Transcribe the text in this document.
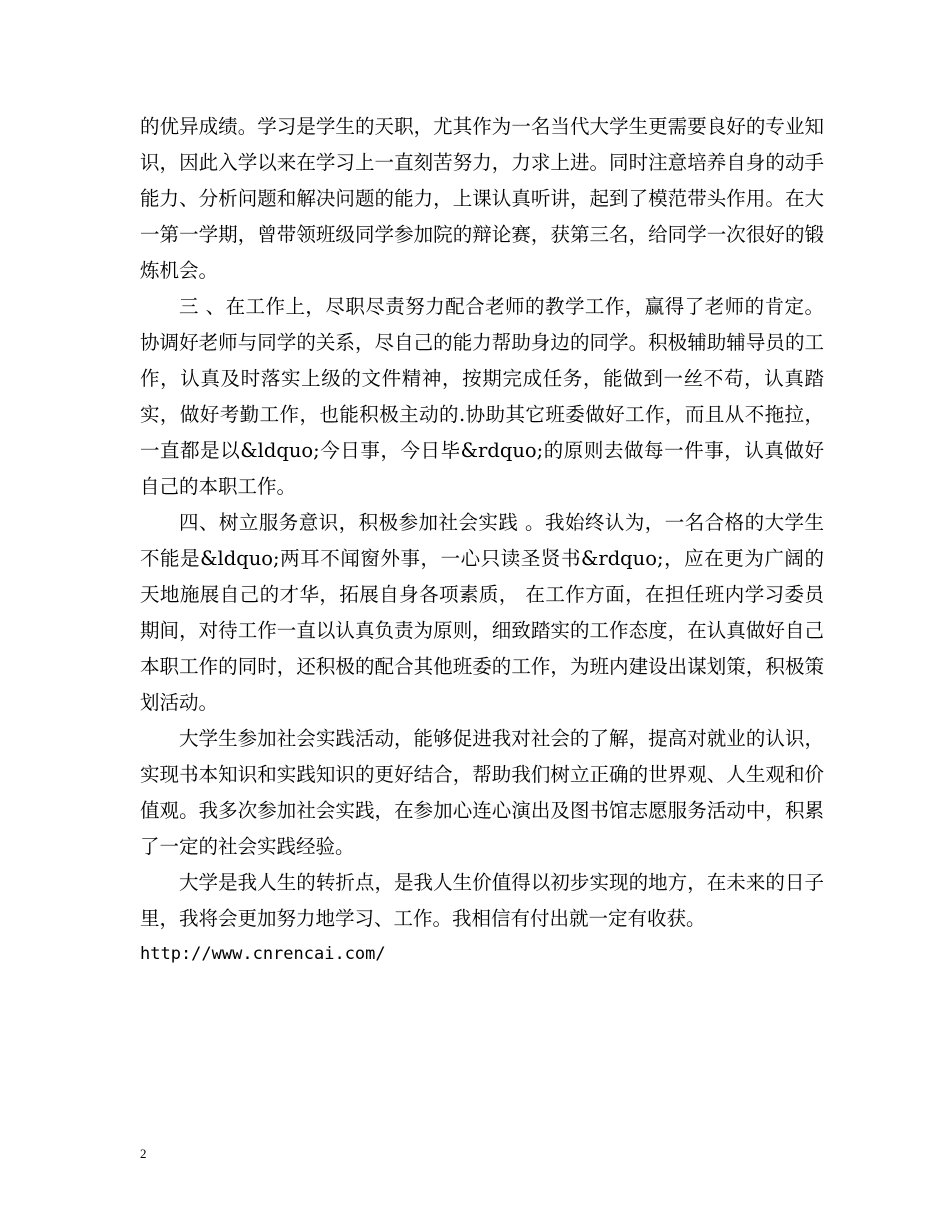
的优异成绩。学习是学生的天职，尤其作为一名当代大学生更需要良好的专业知识，因此入学以来在学习上一直刻苦努力，力求上进。同时注意培养自身的动手能力、分析问题和解决问题的能力，上课认真听讲，起到了模范带头作用。在大一第一学期，曾带领班级同学参加院的辩论赛，获第三名，给同学一次很好的锻炼机会。

三 、在工作上，尽职尽责努力配合老师的教学工作，赢得了老师的肯定。协调好老师与同学的关系，尽自己的能力帮助身边的同学。积极辅助辅导员的工作，认真及时落实上级的文件精神，按期完成任务，能做到一丝不苟，认真踏实，做好考勤工作，也能积极主动的.协助其它班委做好工作，而且从不拖拉，一直都是以&ldquo;今日事，今日毕&rdquo;的原则去做每一件事，认真做好自己的本职工作。

四、树立服务意识，积极参加社会实践 。我始终认为，一名合格的大学生不能是&ldquo;两耳不闻窗外事，一心只读圣贤书&rdquo;，应在更为广阔的天地施展自己的才华，拓展自身各项素质， 在工作方面，在担任班内学习委员期间，对待工作一直以认真负责为原则，细致踏实的工作态度，在认真做好自己本职工作的同时，还积极的配合其他班委的工作，为班内建设出谋划策，积极策划活动。

大学生参加社会实践活动，能够促进我对社会的了解，提高对就业的认识，实现书本知识和实践知识的更好结合，帮助我们树立正确的世界观、人生观和价值观。我多次参加社会实践，在参加心连心演出及图书馆志愿服务活动中，积累了一定的社会实践经验。

大学是我人生的转折点，是我人生价值得以初步实现的地方，在未来的日子里，我将会更加努力地学习、工作。我相信有付出就一定有收获。

http://www.cnrencai.com/
2
